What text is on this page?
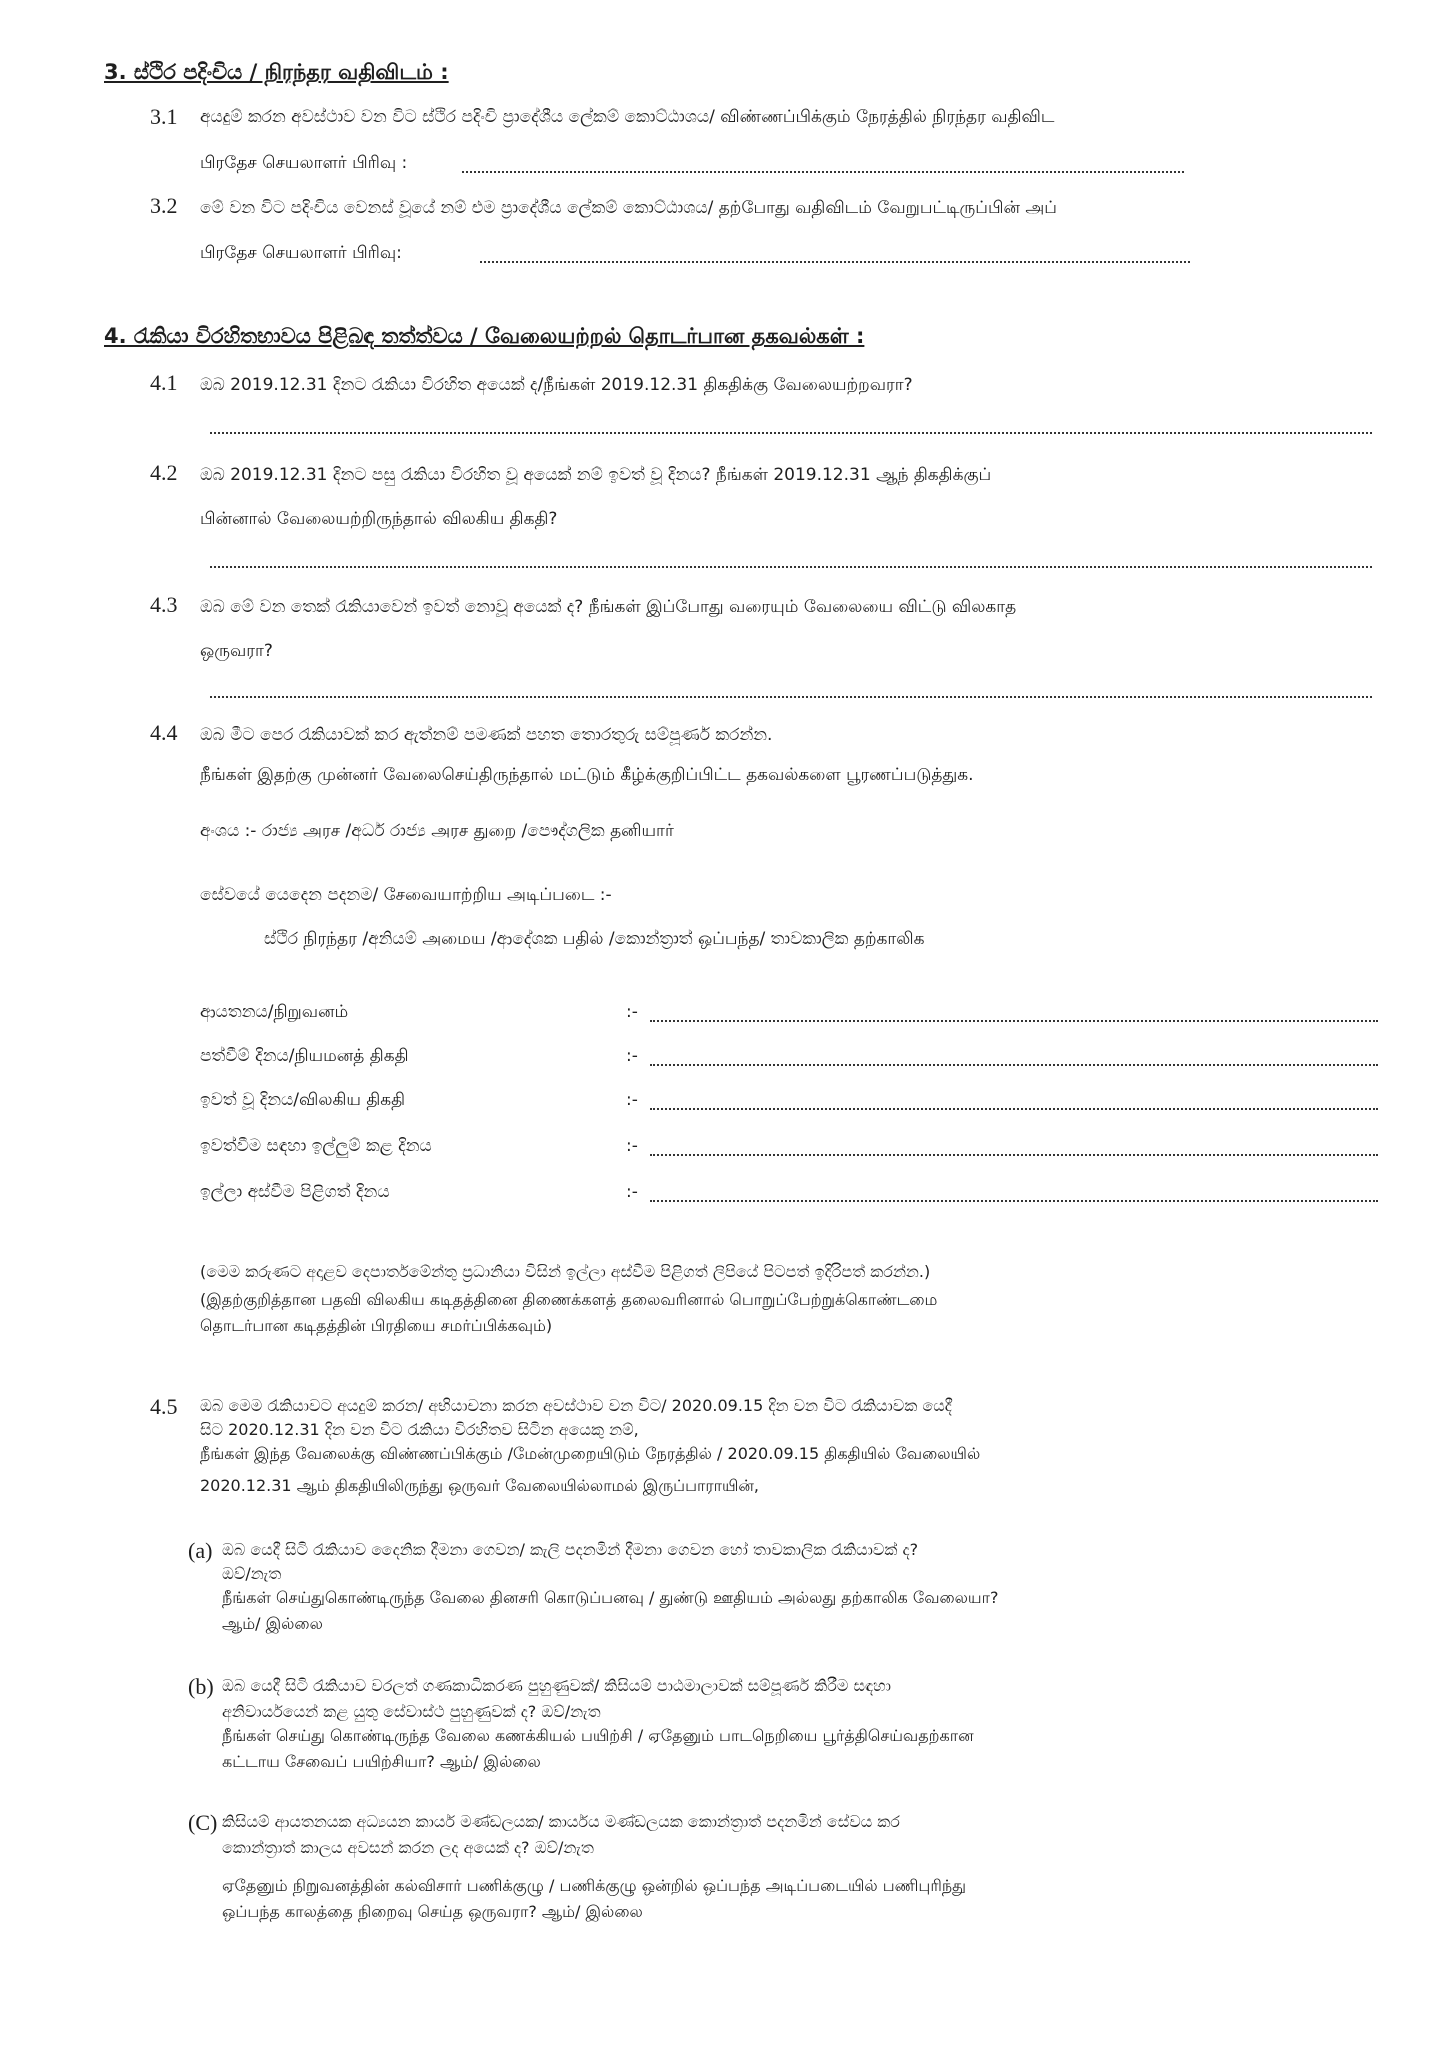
3. ස්ථිර පදිංචිය / நிரந்தர வதிவிடம் :
3.1 අයදුම් කරන අවස්ථාව වන විට ස්ථිර පදිංචි ප්‍රාදේශීය ලේකම් කොට්ඨාශය/ விண்ணப்பிக்கும் நேரத்தில் நிரந்தர வதிவிட
பிரதேச செயலாளர் பிரிவு :
3.2 මේ වන විට පදිංචිය වෙනස් වූයේ නම් එම ප්‍රාදේශීය ලේකම් කොට්ඨාශය/ தற்போது வதிவிடம் வேறுபட்டிருப்பின் அப்
பிரதேச செயலாளர் பிரிவு:
4. රැකියා විරහිතභාවය පිළිබඳ තත්ත්වය / வேலையற்றல் தொடர்பான தகவல்கள் :
4.1 ඔබ 2019.12.31 දිනට රැකියා විරහිත අයෙක් ද/நீங்கள் 2019.12.31 திகதிக்கு வேலையற்றவரா?
4.2 ඔබ 2019.12.31 දිනට පසු රැකියා විරහිත වූ අයෙක් නම් ඉවත් වූ දිනය? நீங்கள் 2019.12.31 ஆந் திகதிக்குப்
பின்னால் வேலையற்றிருந்தால் விலகிய திகதி?
4.3 ඔබ මේ වන තෙක් රැකියාවෙන් ඉවත් නොවූ අයෙක් ද? நீங்கள் இப்போது வரையும் வேலையை விட்டு விலகாத
ஒருவரா?
4.4 ඔබ මීට පෙර රැකියාවක් කර ඇත්නම් පමණක් පහත තොරතුරු සම්පූර්ණ කරන්න.
நீங்கள் இதற்கு முன்னர் வேலைசெய்திருந்தால் மட்டும் கீழ்க்குறிப்பிட்ட தகவல்களை பூரணப்படுத்துக.
අංශය :- රාජ්‍ය அரச /අර්ධ රාජ්‍ය அரச துறை /පෞද්ගලික தனியார்
සේවයේ යෙදෙන පදනම/ சேவையாற்றிய அடிப்படை :-
ස්ථිර நிரந்தர /අනියම් அமைய /ආදේශක பதில் /කොන්ත්‍රාත් ஒப்பந்த/ තාවකාලික தற்காலிக
ආයතනය/நிறுவனம்	:-
පත්වීම් දිනය/நியமனத் திகதி	:-
ඉවත් වූ දිනය/விலகிய திகதி	:-
ඉවත්වීම සඳහා ඉල්ලුම් කළ දිනය	:-
ඉල්ලා අස්වීම පිළිගත් දිනය	:-
(මෙම කරුණට අදාළව දෙපාර්තමේන්තු ප්‍රධානියා විසින් ඉල්ලා අස්වීම පිළිගත් ලිපියේ පිටපත් ඉදිරිපත් කරන්න.)
(இதற்குறித்தான பதவி விலகிய கடிதத்தினை திணைக்களத் தலைவரினால் பொறுப்பேற்றுக்கொண்டமை
தொடர்பான கடிதத்தின் பிரதியை சமர்ப்பிக்கவும்)
4.5 ඔබ මෙම රැකියාවට අයදුම් කරන/ අභියාචනා කරන අවස්ථාව වන විට/ 2020.09.15 දින වන විට රැකියාවක යෙදී
සිට 2020.12.31 දින වන විට රැකියා විරහිතව සිටින අයෙකු නම්,
நீங்கள் இந்த வேலைக்கு விண்ணப்பிக்கும் /மேன்முறையிடும் நேரத்தில் / 2020.09.15 திகதியில் வேலையில்
2020.12.31 ஆம் திகதியிலிருந்து ஒருவர் வேலையில்லாமல் இருப்பாராயின்,
(a) ඔබ යෙදී සිටි රැකියාව දෛනික දීමනා ගෙවන/ කැලි පදනමින් දීමනා ගෙවන හෝ තාවකාලික රැකියාවක් ද?
ඔව්/නැත
நீங்கள் செய்துகொண்டிருந்த வேலை தினசரி கொடுப்பனவு / துண்டு ஊதியம் அல்லது தற்காலிக வேலையா?
ஆம்/ இல்லை
(b) ඔබ යෙදී සිටි රැකියාව වරලත් ගණකාධිකරණ පුහුණුවක්/ කිසියම් පාඨමාලාවක් සම්පූර්ණ කිරීම සඳහා
අනිවාර්යයෙන් කළ යුතු සේවාස්ථ පුහුණුවක් ද? ඔව්/නැත
நீங்கள் செய்து கொண்டிருந்த வேலை கணக்கியல் பயிற்சி / ஏதேனும் பாடநெறியை பூர்த்திசெய்வதற்கான
கட்டாய சேவைப் பயிற்சியா? ஆம்/ இல்லை
(C) කිසියම් ආයතනයක අධ්‍යයන කාර්ය මණ්ඩලයක/ කාර්යය මණ්ඩලයක කොන්ත්‍රාත් පදනමින් සේවය කර
කොන්ත්‍රාත් කාලය අවසන් කරන ලද අයෙක් ද? ඔව්/නැත
ஏதேனும் நிறுவனத்தின் கல்விசார் பணிக்குழு / பணிக்குழு ஒன்றில் ஒப்பந்த அடிப்படையில் பணிபுரிந்து
ஒப்பந்த காலத்தை நிறைவு செய்த ஒருவரா? ஆம்/ இல்லை
